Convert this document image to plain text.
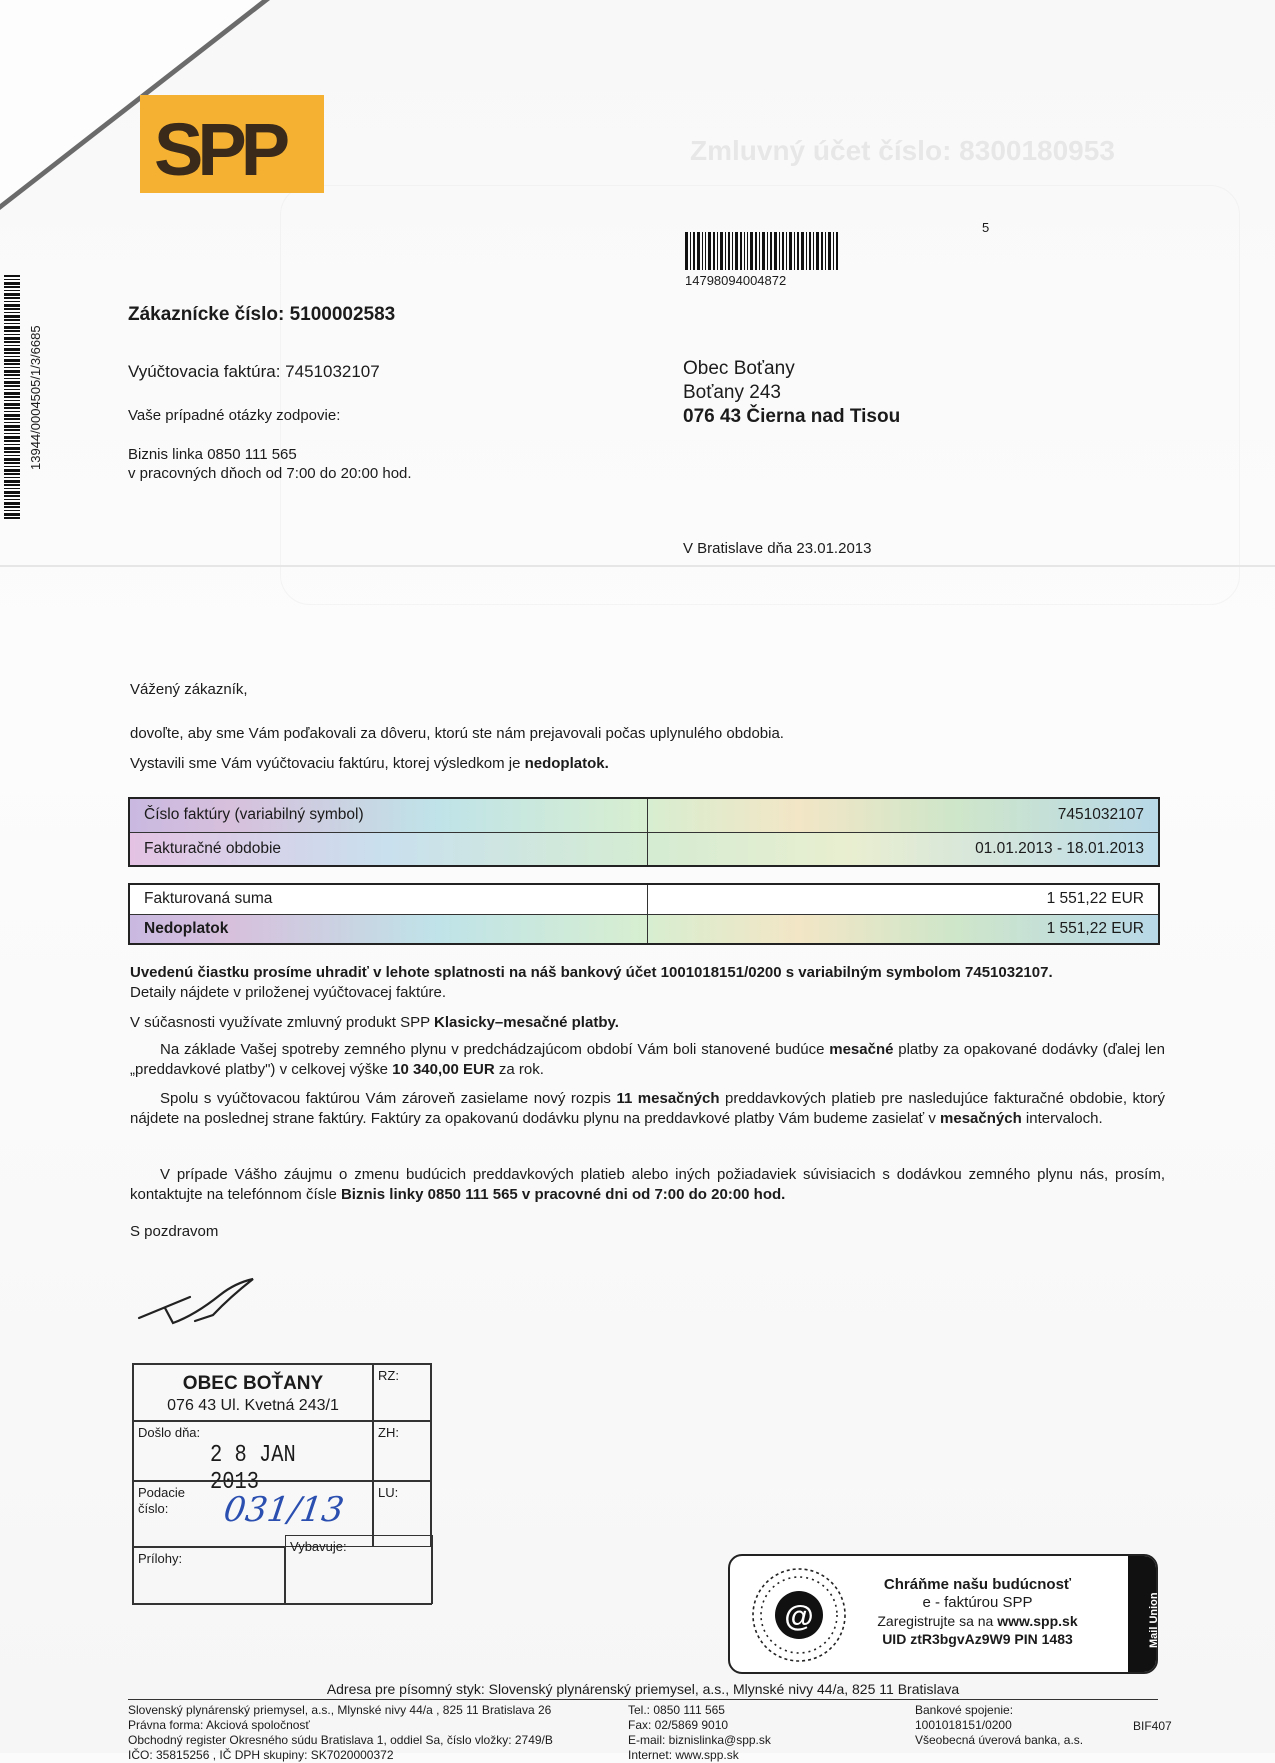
Zmluvný účet číslo: 8300180953
SPP
13944/0004505/1/3/6685
14798094004872
5
Zákaznícke číslo: 5100002583
Vyúčtovacia faktúra: 7451032107
Vaše prípadné otázky zodpovie:
Biznis linka 0850 111 565
v pracovných dňoch od 7:00 do 20:00 hod.
Obec Boťany
Boťany 243
076 43 Čierna nad Tisou
V Bratislave dňa 23.01.2013
Vážený zákazník,
dovoľte, aby sme Vám poďakovali za dôveru, ktorú ste nám prejavovali počas uplynulého obdobia.
Vystavili sme Vám vyúčtovaciu faktúru, ktorej výsledkom je nedoplatok.
Číslo faktúry (variabilný symbol)	7451032107
Fakturačné obdobie	01.01.2013 - 18.01.2013
Fakturovaná suma	1 551,22 EUR
Nedoplatok	1 551,22 EUR
Uvedenú čiastku prosíme uhradiť v lehote splatnosti na náš bankový účet 1001018151/0200 s variabilným symbolom 7451032107.
Detaily nájdete v priloženej vyúčtovacej faktúre.
V súčasnosti využívate zmluvný produkt SPP Klasicky–mesačné platby.
Na základe Vašej spotreby zemného plynu v predchádzajúcom období Vám boli stanovené budúce mesačné platby za opakované dodávky (ďalej len „preddavkové platby") v celkovej výške 10 340,00 EUR za rok.
Spolu s vyúčtovacou faktúrou Vám zároveň zasielame nový rozpis 11 mesačných preddavkových platieb pre nasledujúce fakturačné obdobie, ktorý nájdete na poslednej strane faktúry. Faktúry za opakovanú dodávku plynu na preddavkové platby Vám budeme zasielať v mesačných intervaloch.
V prípade Vášho záujmu o zmenu budúcich preddavkových platieb alebo iných požiadaviek súvisiacich s dodávkou zemného plynu nás, prosím, kontaktujte na telefónnom čísle Biznis linky 0850 111 565 v pracovné dni od 7:00 do 20:00 hod.
S pozdravom
OBEC BOŤANY
076 43 Ul. Kvetná 243/1
RZ:
Došlo dňa:
2 8 JAN 2013
ZH:
Podacie číslo:	031/13	LU:
Prílohy:
Vybavuje:
@
Chráňme našu budúcnosť
e - faktúrou SPP
Zaregistrujte sa na www.spp.sk
UID ztR3bgvAz9W9 PIN 1483	Mail Union
Adresa pre písomný styk: Slovenský plynárenský priemysel, a.s., Mlynské nivy 44/a, 825 11 Bratislava
Slovenský plynárenský priemysel, a.s., Mlynské nivy 44/a , 825 11 Bratislava 26
Právna forma: Akciová spoločnosť
Obchodný register Okresného súdu Bratislava 1, oddiel Sa, číslo vložky: 2749/B
IČO: 35815256 , IČ DPH skupiny: SK7020000372
Tel.: 0850 111 565
Fax: 02/5869 9010
E-mail: biznislinka@spp.sk
Internet: www.spp.sk
Bankové spojenie:
1001018151/0200
Všeobecná úverová banka, a.s.
BIF407
